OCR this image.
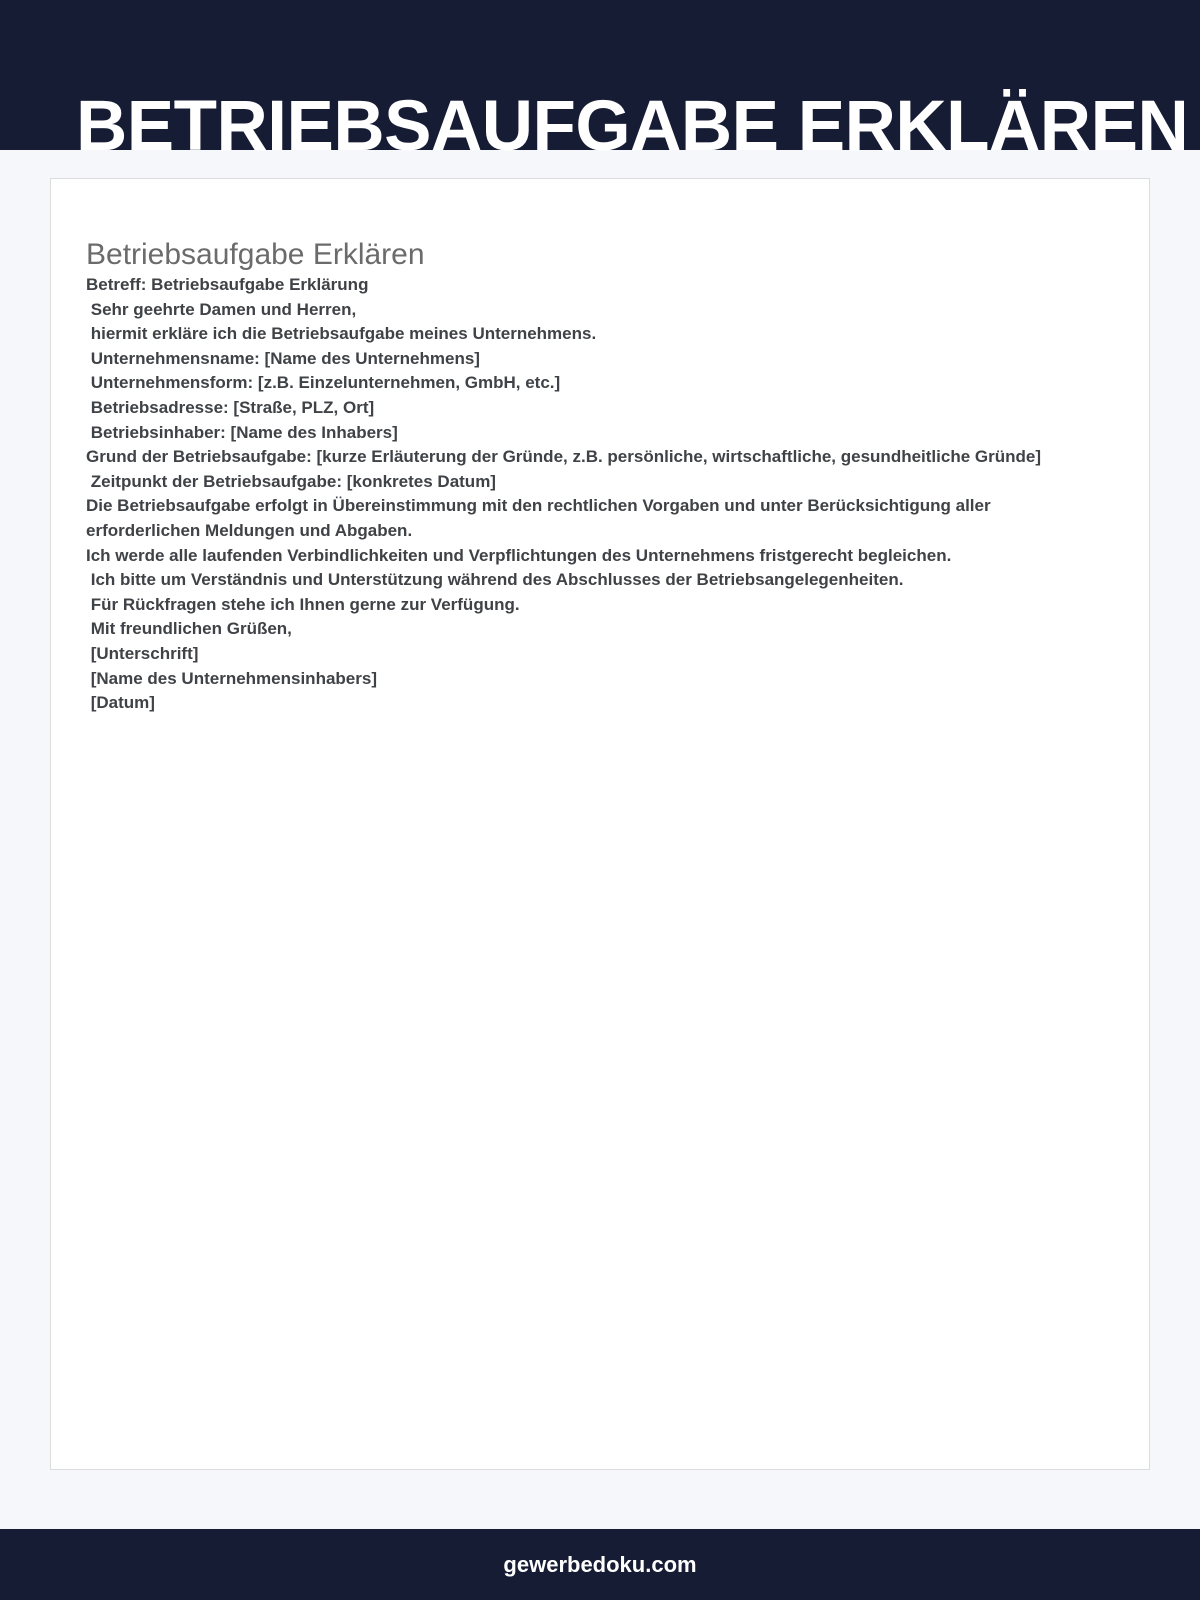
BETRIEBSAUFGABE ERKLÄREN
Betriebsaufgabe Erklären
Betreff: Betriebsaufgabe Erklärung
Sehr geehrte Damen und Herren,
hiermit erkläre ich die Betriebsaufgabe meines Unternehmens.
Unternehmensname: [Name des Unternehmens]
Unternehmensform: [z.B. Einzelunternehmen, GmbH, etc.]
Betriebsadresse: [Straße, PLZ, Ort]
Betriebsinhaber: [Name des Inhabers]
Grund der Betriebsaufgabe: [kurze Erläuterung der Gründe, z.B. persönliche, wirtschaftliche, gesundheitliche Gründe]
Zeitpunkt der Betriebsaufgabe: [konkretes Datum]
Die Betriebsaufgabe erfolgt in Übereinstimmung mit den rechtlichen Vorgaben und unter Berücksichtigung aller erforderlichen Meldungen und Abgaben.
Ich werde alle laufenden Verbindlichkeiten und Verpflichtungen des Unternehmens fristgerecht begleichen.
Ich bitte um Verständnis und Unterstützung während des Abschlusses der Betriebsangelegenheiten.
Für Rückfragen stehe ich Ihnen gerne zur Verfügung.
Mit freundlichen Grüßen,
[Unterschrift]
[Name des Unternehmensinhabers]
[Datum]
gewerbedoku.com
